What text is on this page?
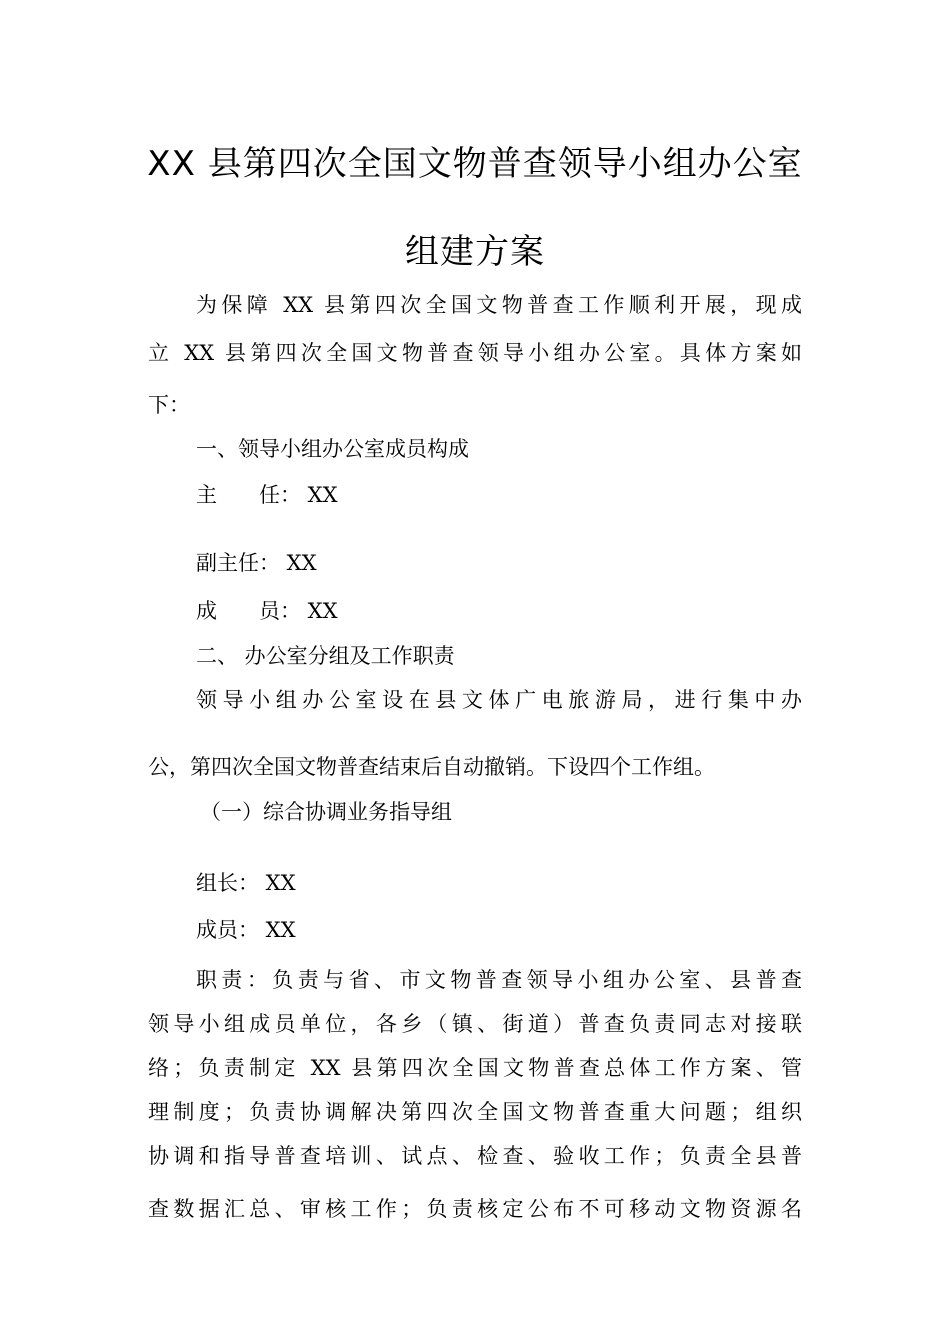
XX 县第四次全国文物普查领导小组办公室
组建方案
为保障 XX 县第四次全国文物普查工作顺利开展，现成
立 XX 县第四次全国文物普查领导小组办公室。具体方案如
下：
一、领导小组办公室成员构成
主　　任： XX
副主任： XX
成　　员： XX
二、 办公室分组及工作职责
领导小组办公室设在县文体广电旅游局，进行集中办
公，第四次全国文物普查结束后自动撤销。下设四个工作组。
（一）综合协调业务指导组
组长： XX
成员： XX
职责：负责与省、市文物普查领导小组办公室、县普查
领导小组成员单位，各乡（镇、街道）普查负责同志对接联
络；负责制定 XX 县第四次全国文物普查总体工作方案、管
理制度；负责协调解决第四次全国文物普查重大问题；组织
协调和指导普查培训、试点、检查、验收工作；负责全县普
查数据汇总、审核工作；负责核定公布不可移动文物资源名
